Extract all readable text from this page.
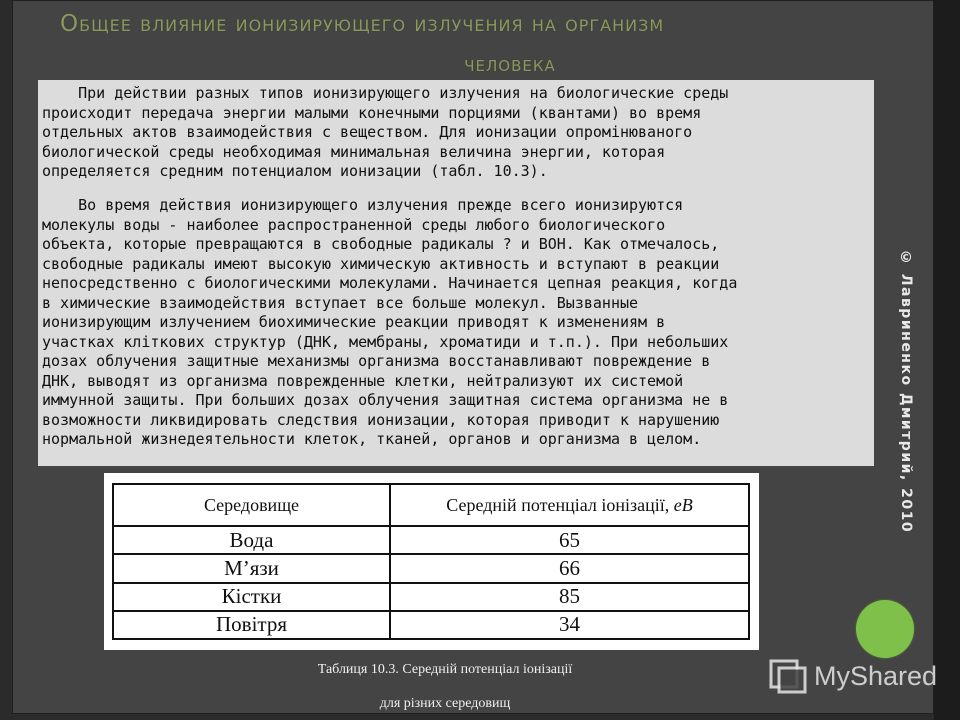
Общее влияние ионизирующего излучения на организм
человека

При действии разных типов ионизирующего излучения на биологические среды
происходит передача энергии малыми конечными порциями (квантами) во время
отдельных актов взаимодействия с веществом. Для ионизации опромінюваного
биологической среды необходимая минимальная величина энергии, которая
определяется средним потенциалом ионизации (табл. 10.3).

Во время действия ионизирующего излучения прежде всего ионизируются
молекулы воды - наиболее распространенной среды любого биологического
объекта, которые превращаются в свободные радикалы ? и ВОН. Как отмечалось,
свободные радикалы имеют высокую химическую активность и вступают в реакции
непосредственно с биологическими молекулами. Начинается цепная реакция, когда
в химические взаимодействия вступает все больше молекул. Вызванные
ионизирующим излучением биохимические реакции приводят к изменениям в
участках кліткових структур (ДНК, мембраны, хроматиди и т.п.). При небольших
дозах облучения защитные механизмы организма восстанавливают повреждение в
ДНК, выводят из организма поврежденные клетки, нейтрализуют их системой
иммунной защиты. При больших дозах облучения защитная система организма не в
возможности ликвидировать следствия ионизации, которая приводит к нарушению
нормальной жизнедеятельности клеток, тканей, органов и организма в целом.

Середовище	Середній потенціал іонізації, eB
Вода	65
М’язи	66
Кістки	85
Повітря	34

Таблиця 10.3. Середній потенціал іонізації

для різних середовищ

© Лавриненко Дмитрий, 2010
MyShared
